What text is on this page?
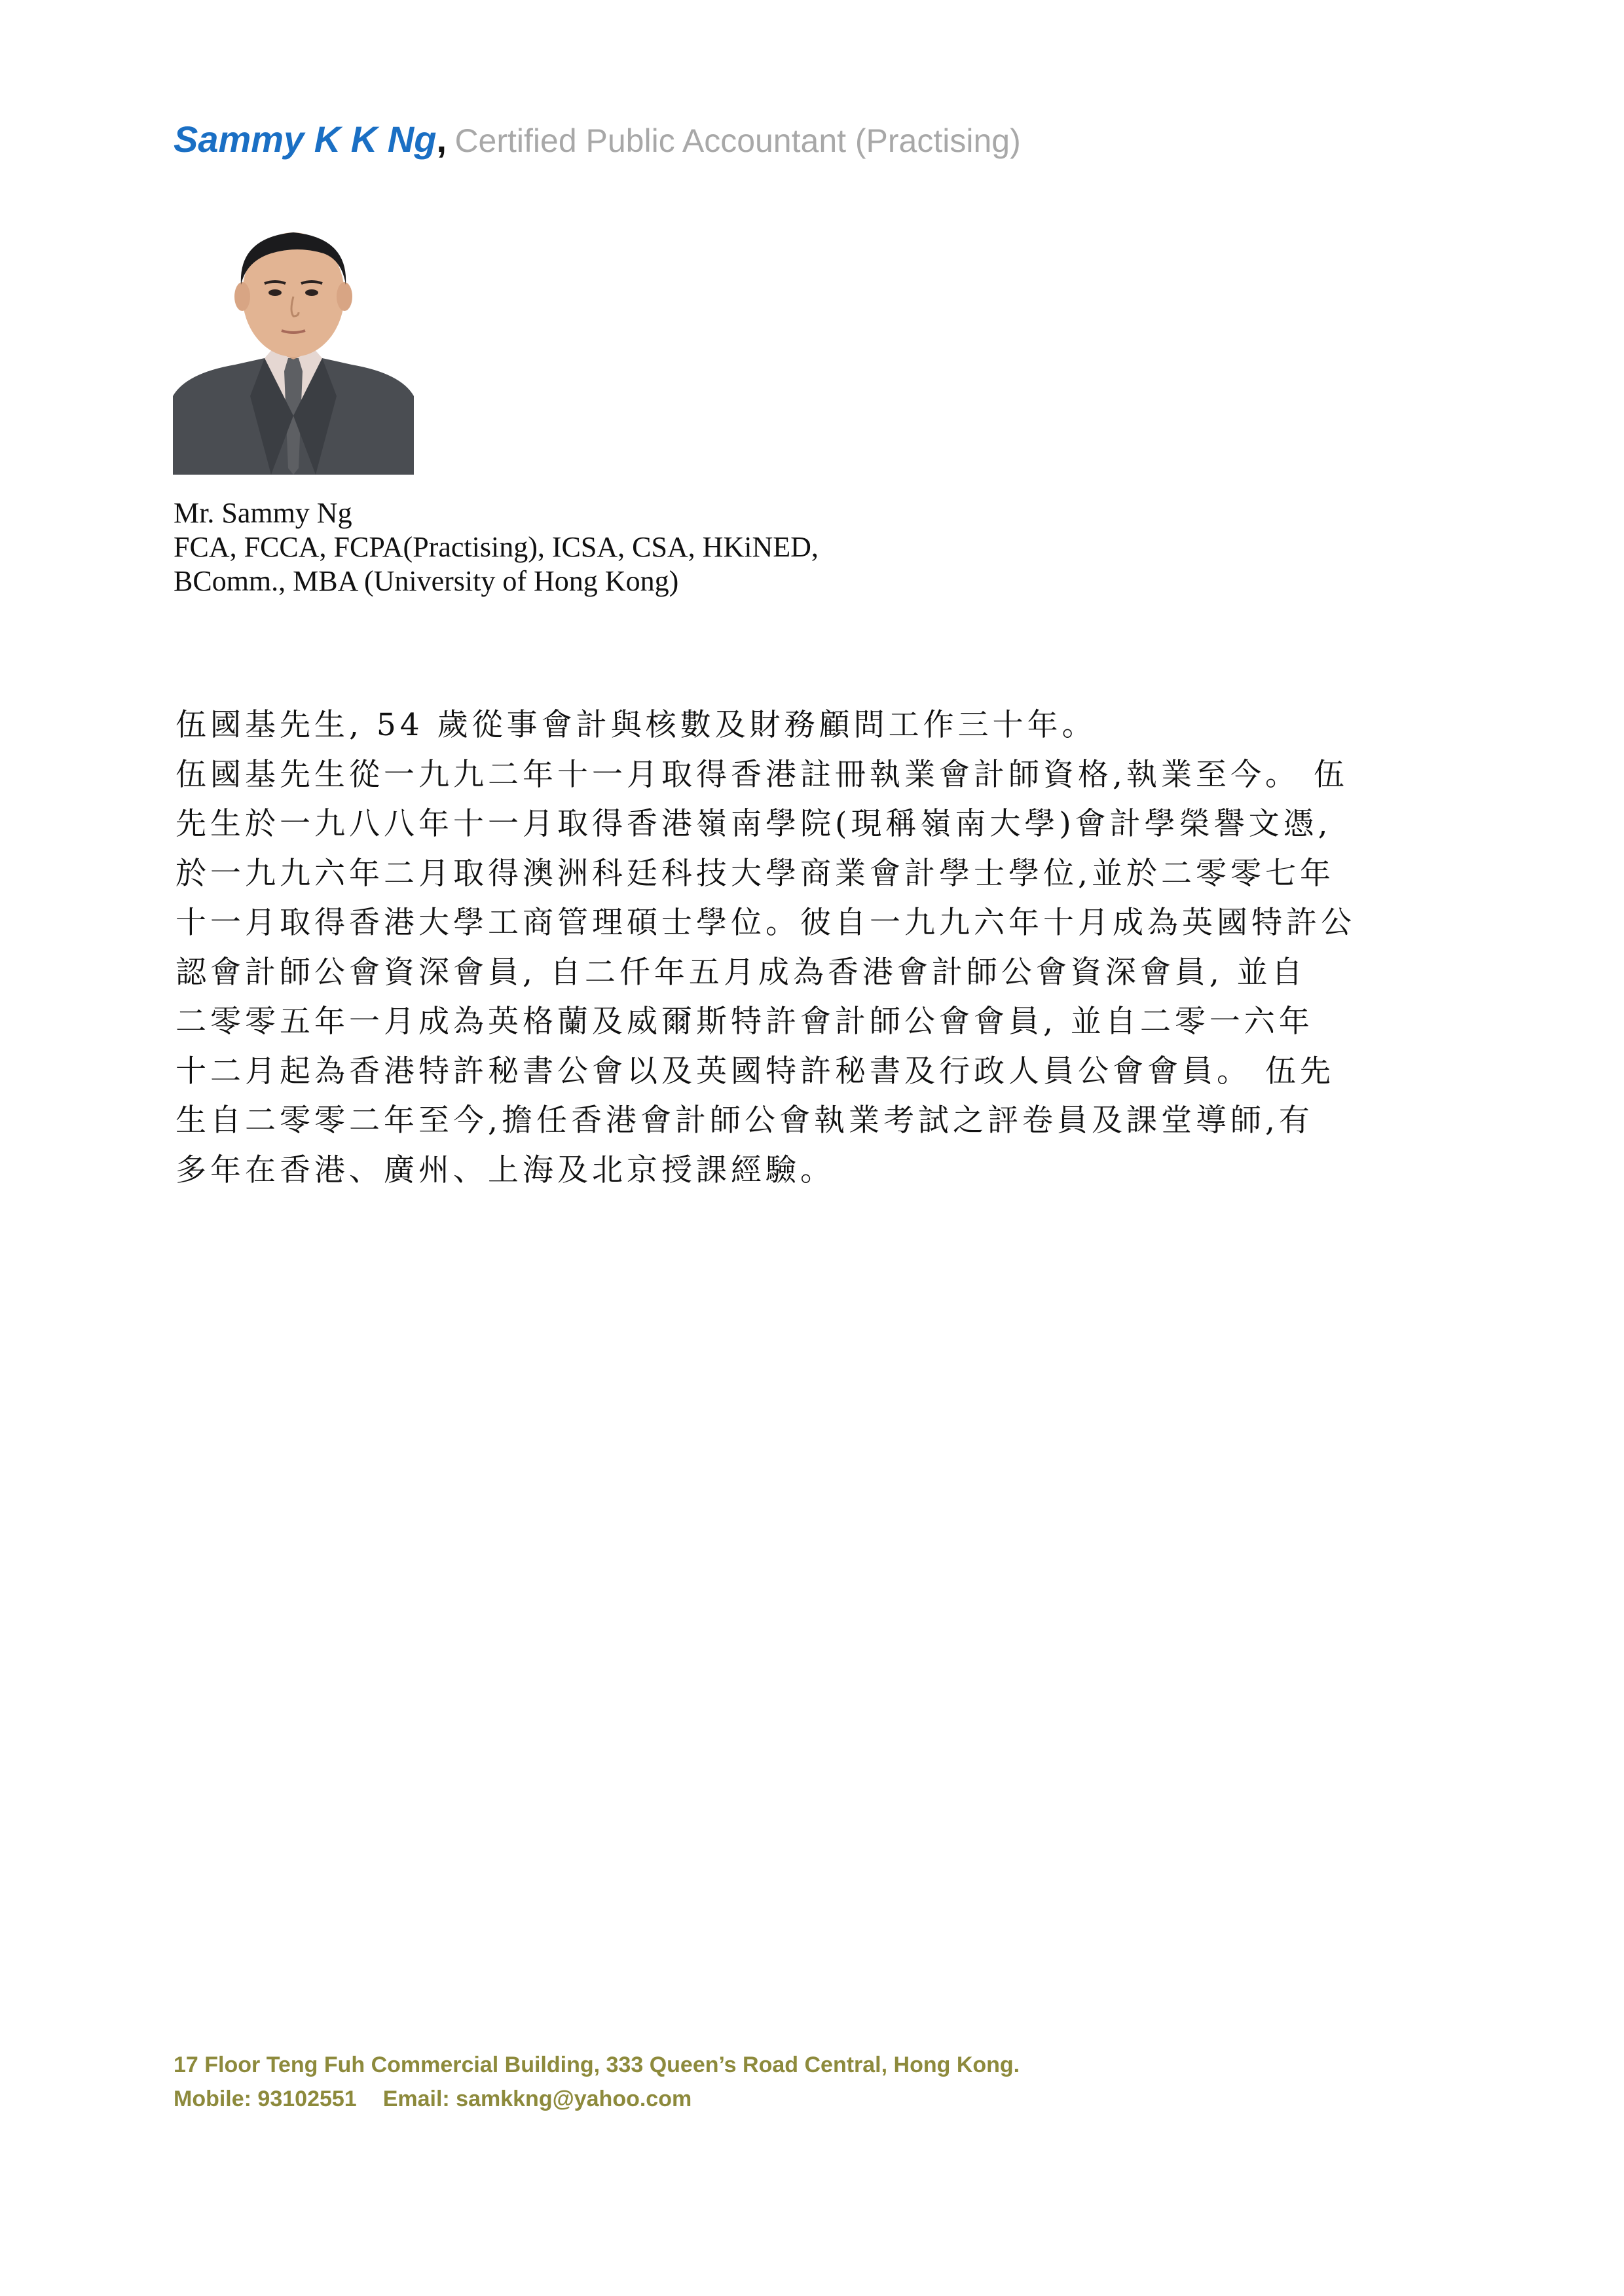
Sammy K K Ng, Certified Public Accountant (Practising)
Mr. Sammy Ng
FCA, FCCA, FCPA(Practising), ICSA, CSA, HKiNED,
BComm., MBA (University of Hong Kong)
伍國基先生, 54 歲從事會計與核數及財務顧問工作三十年。
伍國基先生從一九九二年十一月取得香港註冊執業會計師資格,執業至今。 伍
先生於一九八八年十一月取得香港嶺南學院(現稱嶺南大學)會計學榮譽文憑,
於一九九六年二月取得澳洲科廷科技大學商業會計學士學位,並於二零零七年
十一月取得香港大學工商管理碩士學位。彼自一九九六年十月成為英國特許公
認會計師公會資深會員, 自二仟年五月成為香港會計師公會資深會員, 並自
二零零五年一月成為英格蘭及威爾斯特許會計師公會會員, 並自二零一六年
十二月起為香港特許秘書公會以及英國特許秘書及行政人員公會會員。 伍先
生自二零零二年至今,擔任香港會計師公會執業考試之評卷員及課堂導師,有
多年在香港、廣州、上海及北京授課經驗。
17 Floor Teng Fuh Commercial Building, 333 Queen’s Road Central, Hong Kong.
Mobile: 93102551 Email: samkkng@yahoo.com
